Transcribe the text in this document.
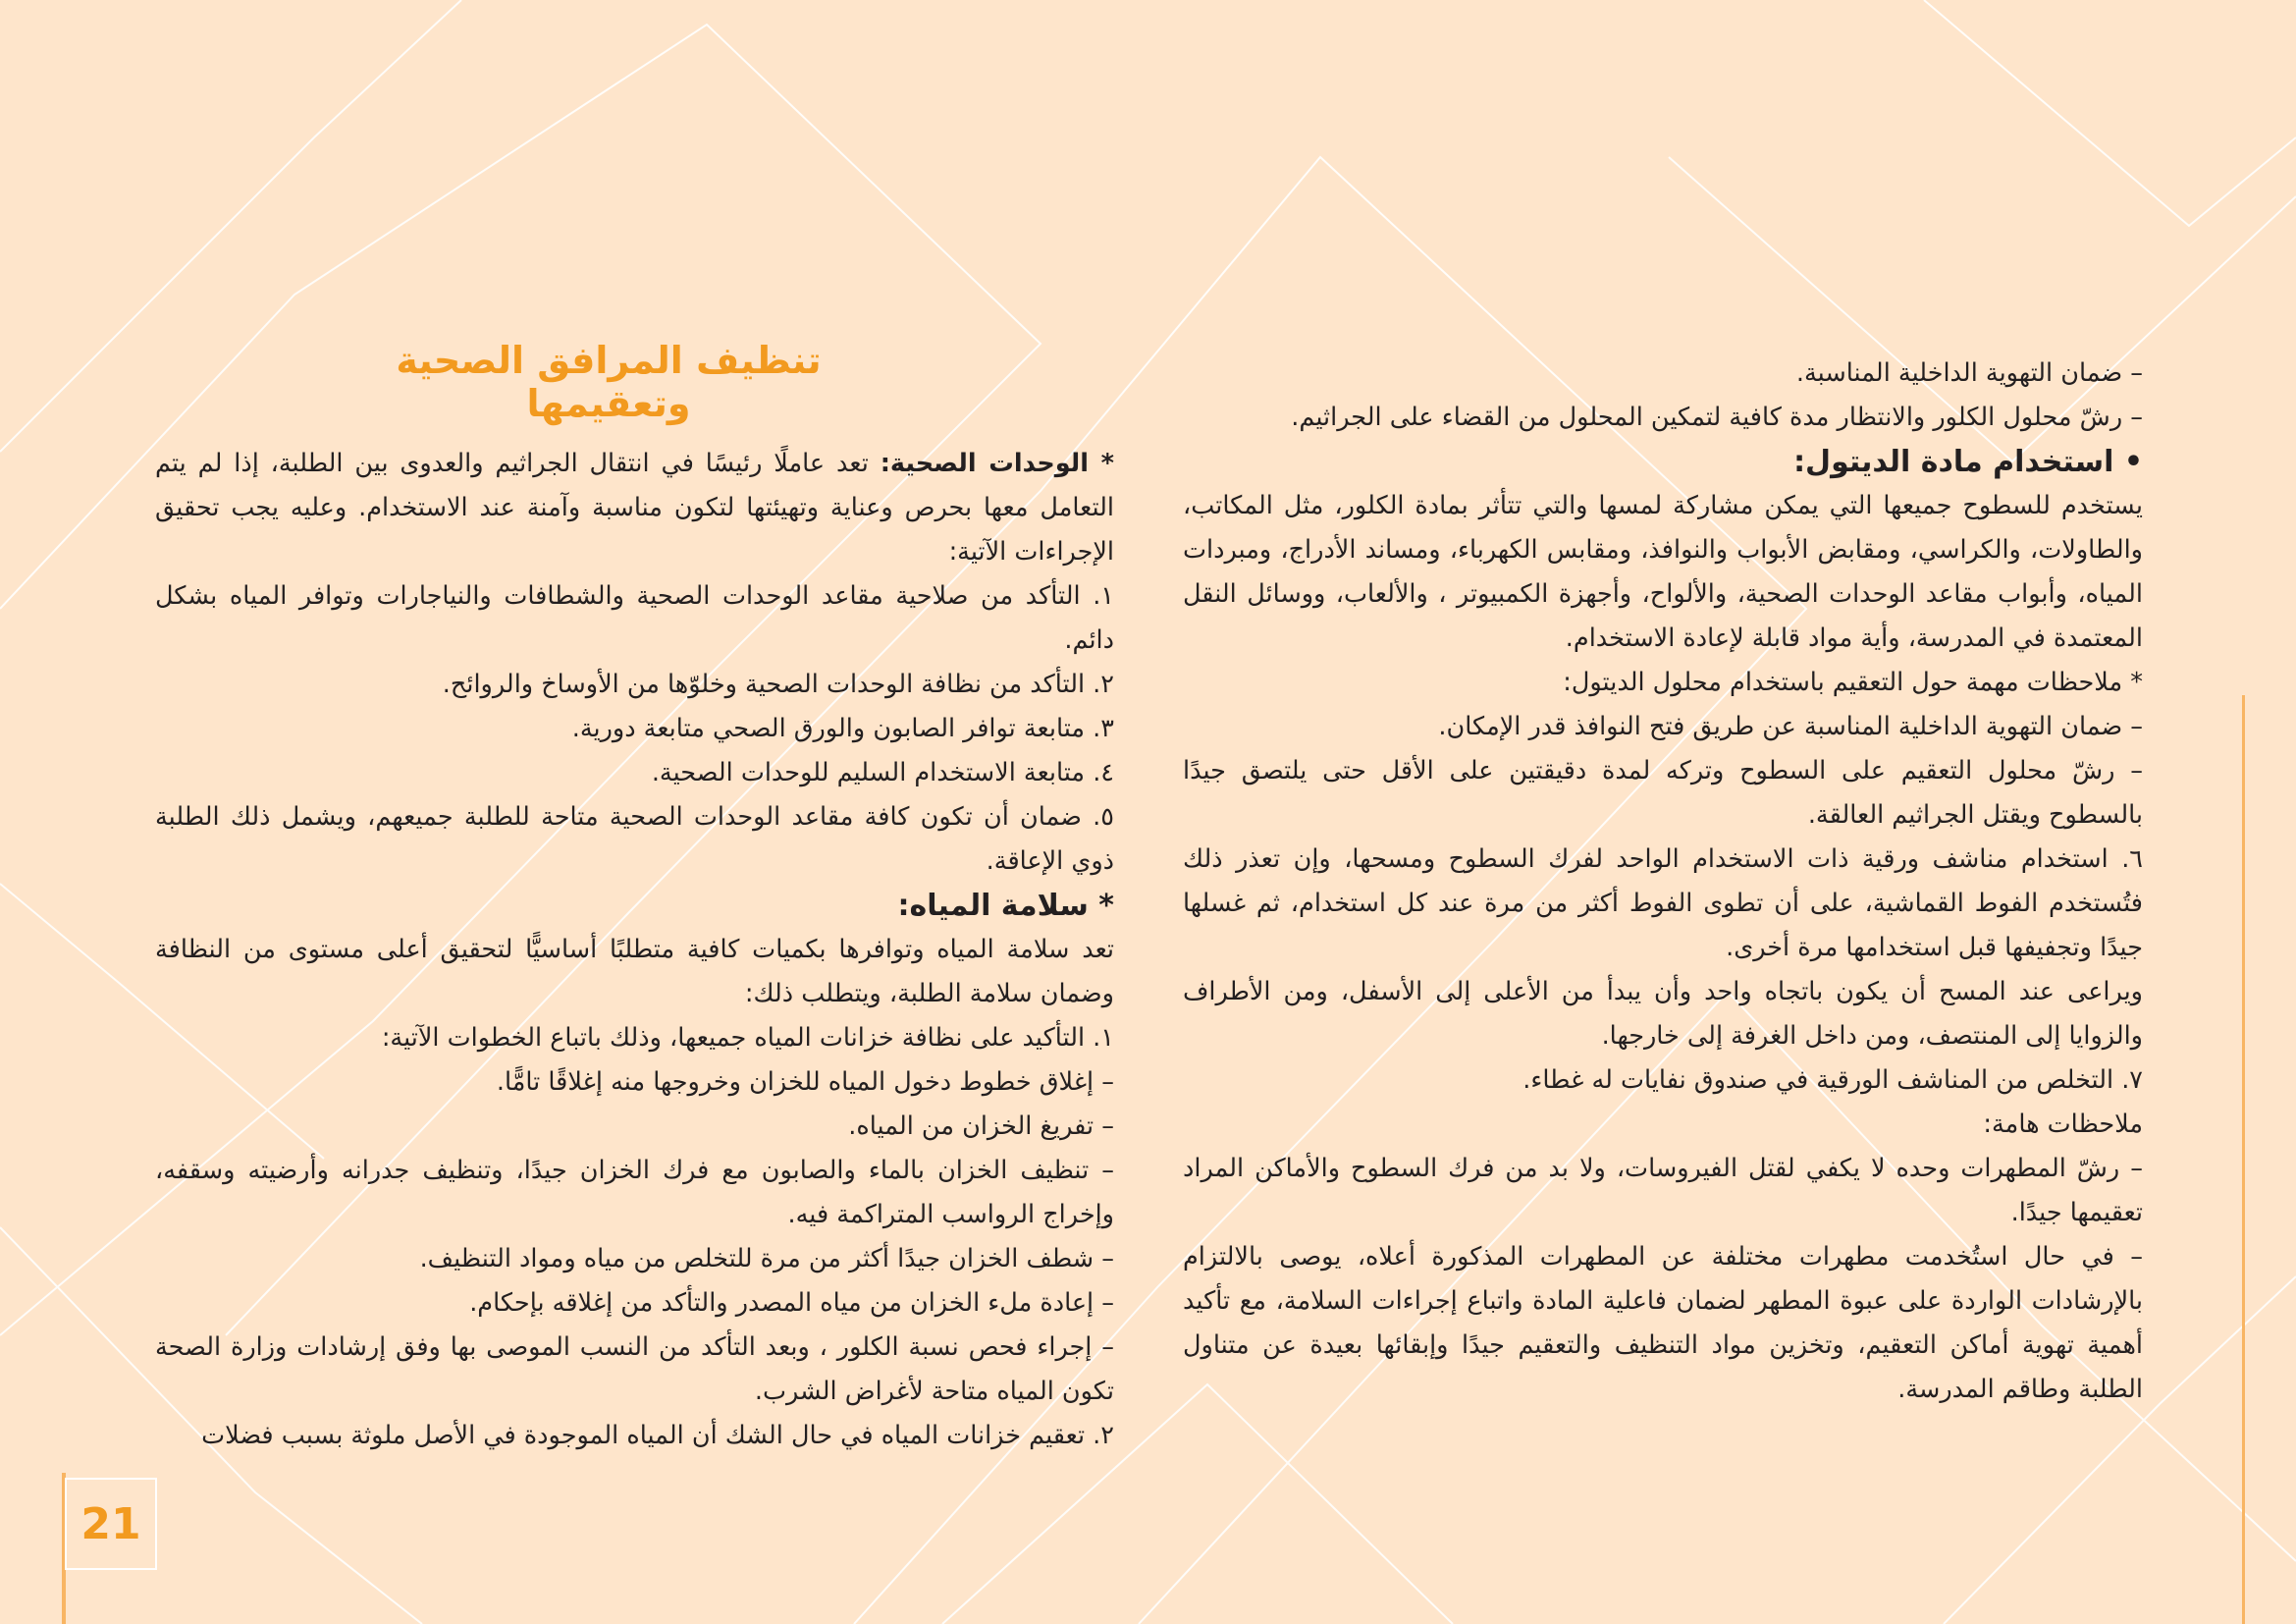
تنظيف المرافق الصحية وتعقيمها

– ضمان التهوية الداخلية المناسبة.

– رشّ محلول الكلور والانتظار مدة كافية لتمكين المحلول من القضاء على الجراثيم.

• استخدام مادة الديتول:

يستخدم للسطوح جميعها التي يمكن مشاركة لمسها والتي تتأثر بمادة الكلور، مثل المكاتب، والطاولات، والكراسي، ومقابض الأبواب والنوافذ، ومقابس الكهرباء، ومساند الأدراج، ومبردات المياه، وأبواب مقاعد الوحدات الصحية، والألواح، وأجهزة الكمبيوتر ، والألعاب، ووسائل النقل المعتمدة في المدرسة، وأية مواد قابلة لإعادة الاستخدام.

* ملاحظات مهمة حول التعقيم باستخدام محلول الديتول:

– ضمان التهوية الداخلية المناسبة عن طريق فتح النوافذ قدر الإمكان.

– رشّ محلول التعقيم على السطوح وتركه لمدة دقيقتين على الأقل حتى يلتصق جيدًا بالسطوح ويقتل الجراثيم العالقة.

٦. استخدام مناشف ورقية ذات الاستخدام الواحد لفرك السطوح ومسحها، وإن تعذر ذلك فتُستخدم الفوط القماشية، على أن تطوى الفوط أكثر من مرة عند كل استخدام، ثم غسلها جيدًا وتجفيفها قبل استخدامها مرة أخرى.

ويراعى عند المسح أن يكون باتجاه واحد وأن يبدأ من الأعلى إلى الأسفل، ومن الأطراف والزوايا إلى المنتصف، ومن داخل الغرفة إلى خارجها.

٧. التخلص من المناشف الورقية في صندوق نفايات له غطاء.

ملاحظات هامة:

– رشّ المطهرات وحده لا يكفي لقتل الفيروسات، ولا بد من فرك السطوح والأماكن المراد تعقيمها جيدًا.

– في حال استُخدمت مطهرات مختلفة عن المطهرات المذكورة أعلاه، يوصى بالالتزام بالإرشادات الواردة على عبوة المطهر لضمان فاعلية المادة واتباع إجراءات السلامة، مع تأكيد أهمية تهوية أماكن التعقيم، وتخزين مواد التنظيف والتعقيم جيدًا وإبقائها بعيدة عن متناول الطلبة وطاقم المدرسة.

* الوحدات الصحية: تعد عاملًا رئيسًا في انتقال الجراثيم والعدوى بين الطلبة، إذا لم يتم التعامل معها بحرص وعناية وتهيئتها لتكون مناسبة وآمنة عند الاستخدام. وعليه يجب تحقيق الإجراءات الآتية:

١. التأكد من صلاحية مقاعد الوحدات الصحية والشطافات والنياجارات وتوافر المياه بشكل دائم.

٢. التأكد من نظافة الوحدات الصحية وخلوّها من الأوساخ والروائح.

٣. متابعة توافر الصابون والورق الصحي متابعة دورية.

٤. متابعة الاستخدام السليم للوحدات الصحية.

٥. ضمان أن تكون كافة مقاعد الوحدات الصحية متاحة للطلبة جميعهم، ويشمل ذلك الطلبة ذوي الإعاقة.

* سلامة المياه:

تعد سلامة المياه وتوافرها بكميات كافية متطلبًا أساسيًّا لتحقيق أعلى مستوى من النظافة وضمان سلامة الطلبة، ويتطلب ذلك:

١. التأكيد على نظافة خزانات المياه جميعها، وذلك باتباع الخطوات الآتية:

– إغلاق خطوط دخول المياه للخزان وخروجها منه إغلاقًا تامًّا.

– تفريغ الخزان من المياه.

– تنظيف الخزان بالماء والصابون مع فرك الخزان جيدًا، وتنظيف جدرانه وأرضيته وسقفه، وإخراج الرواسب المتراكمة فيه.

– شطف الخزان جيدًا أكثر من مرة للتخلص من مياه ومواد التنظيف.

– إعادة ملء الخزان من مياه المصدر والتأكد من إغلاقه بإحكام.

– إجراء فحص نسبة الكلور ، وبعد التأكد من النسب الموصى بها وفق إرشادات وزارة الصحة تكون المياه متاحة لأغراض الشرب.

٢. تعقيم خزانات المياه في حال الشك أن المياه الموجودة في الأصل ملوثة بسبب فضلات

21
